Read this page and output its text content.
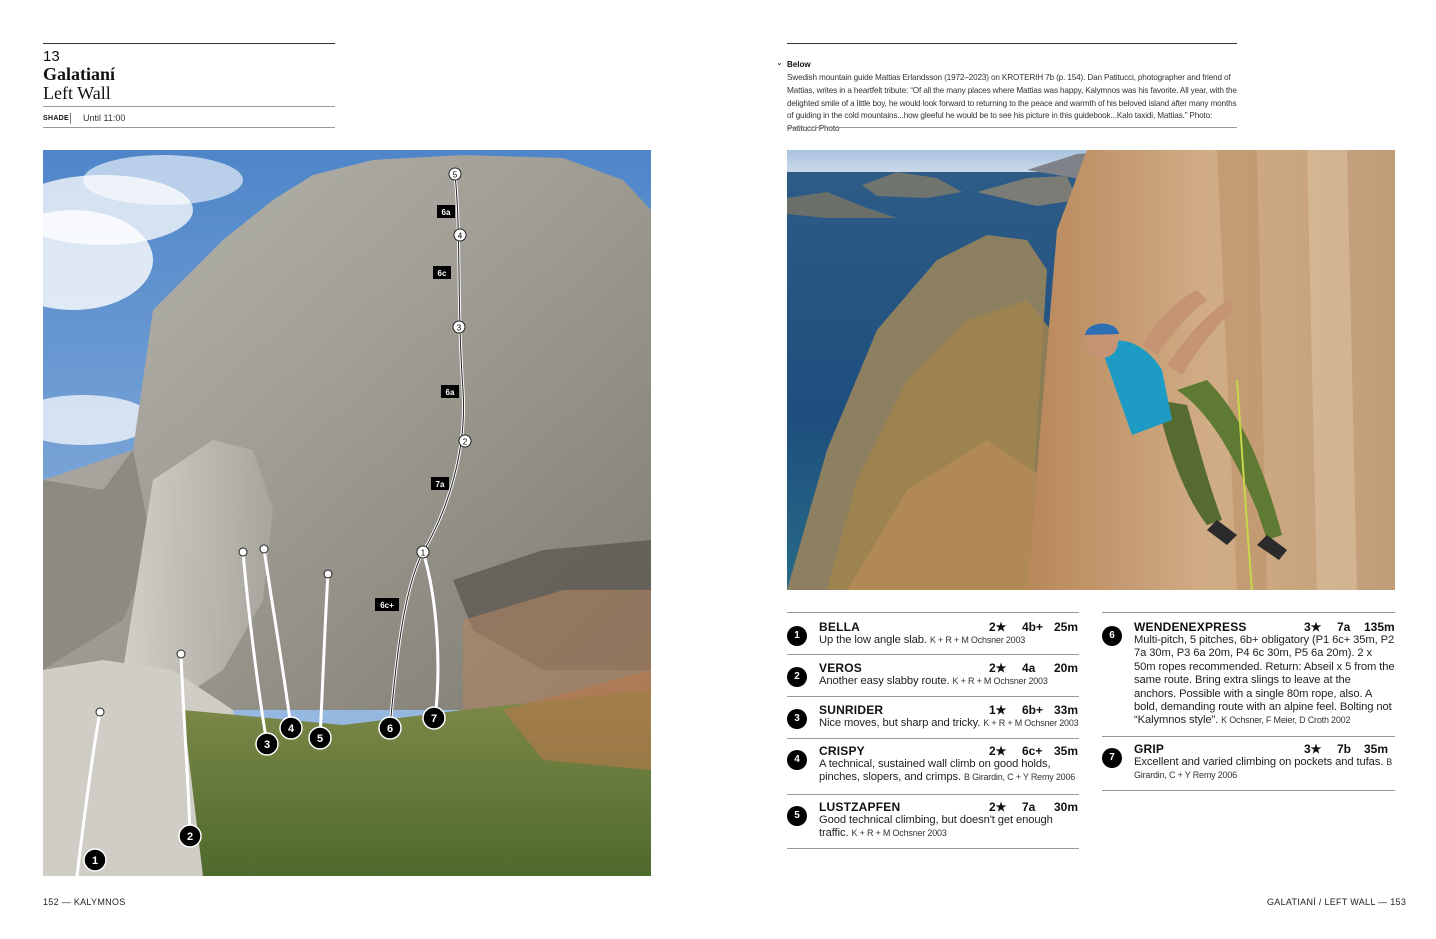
13
Galatianí
Left Wall
SHADE Until 11:00
1
2
3
4
5
6a
6c
6a
7a
6c+
1
2
3
4
5
6
7
152 — KALYMNOS
⌄ Below
Swedish mountain guide Mattias Erlandsson (1972–2023) on KROTERIH 7b (p. 154). Dan Patitucci, photographer and friend of Mattias, writes in a heartfelt tribute: “Of all the many places where Mattias was happy, Kalymnos was his favorite. All year, with the delighted smile of a little boy, he would look forward to returning to the peace and warmth of his beloved island after many months of guiding in the cold mountains...how gleeful he would be to see his picture in this guidebook...Kalo taxidi, Mattias.” Photo: Patitucci Photo
1
BELLA	2★ 4b+ 25m
Up the low angle slab. K + R + M Ochsner 2003
2
VEROS	2★ 4a 20m
Another easy slabby route. K + R + M Ochsner 2003
3
SUNRIDER	1★ 6b+ 33m
Nice moves, but sharp and tricky. K + R + M Ochsner 2003
4
CRISPY	2★ 6c+ 35m
A technical, sustained wall climb on good holds, pinches, slopers, and crimps. B Girardin, C + Y Remy 2006
5
LUSTZAPFEN	2★ 7a 30m
Good technical climbing, but doesn't get enough traffic. K + R + M Ochsner 2003
6
WENDENEXPRESS	3★ 7a 135m
Multi-pitch, 5 pitches, 6b+ obligatory (P1 6c+ 35m, P2 7a 30m, P3 6a 20m, P4 6c 30m, P5 6a 20m). 2 x 50m ropes recommended. Return: Abseil x 5 from the same route. Bring extra slings to leave at the anchors. Possible with a single 80m rope, also. A bold, demanding route with an alpine feel. Bolting not “Kalymnos style”. K Ochsner, F Meier, D Croth 2002
7
GRIP	3★ 7b 35m
Excellent and varied climbing on pockets and tufas. B Girardin, C + Y Remy 2006
GALATIANÍ / LEFT WALL — 153
